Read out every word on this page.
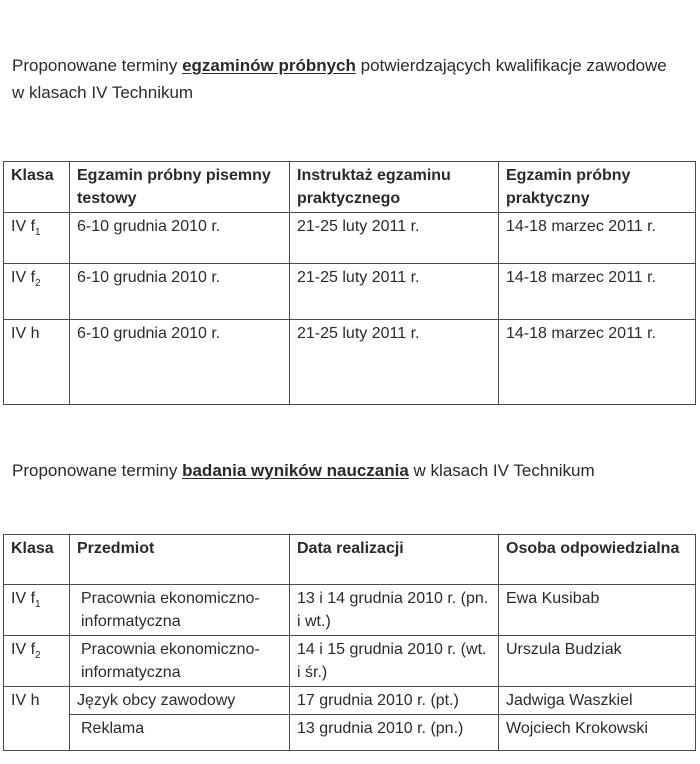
Proponowane terminy egzaminów próbnych potwierdzających kwalifikacje zawodowe w klasach IV Technikum

Klasa	Egzamin próbny pisemny testowy	Instruktaż egzaminu praktycznego	Egzamin próbny praktyczny
IV $f_1$	6-10 grudnia 2010 r.	21-25 luty 2011 r.	14-18 marzec 2011 r.
IV $f_2$	6-10 grudnia 2010 r.	21-25 luty 2011 r.	14-18 marzec 2011 r.
IV h	6-10 grudnia 2010 r.	21-25 luty 2011 r.	14-18 marzec 2011 r.

Proponowane terminy badania wyników nauczania w klasach IV Technikum

Klasa	Przedmiot	Data realizacji	Osoba odpowiedzialna
IV $f_1$	Pracownia ekonomiczno-informatyczna	13 i 14 grudnia 2010 r. (pn. i wt.)	Ewa Kusibab
IV $f_2$	Pracownia ekonomiczno-informatyczna	14 i 15 grudnia 2010 r. (wt. i śr.)	Urszula Budziak
IV h	Język obcy zawodowy	17 grudnia 2010 r. (pt.)	Jadwiga Waszkiel
	Reklama	13 grudnia 2010 r. (pn.)	Wojciech Krokowski
